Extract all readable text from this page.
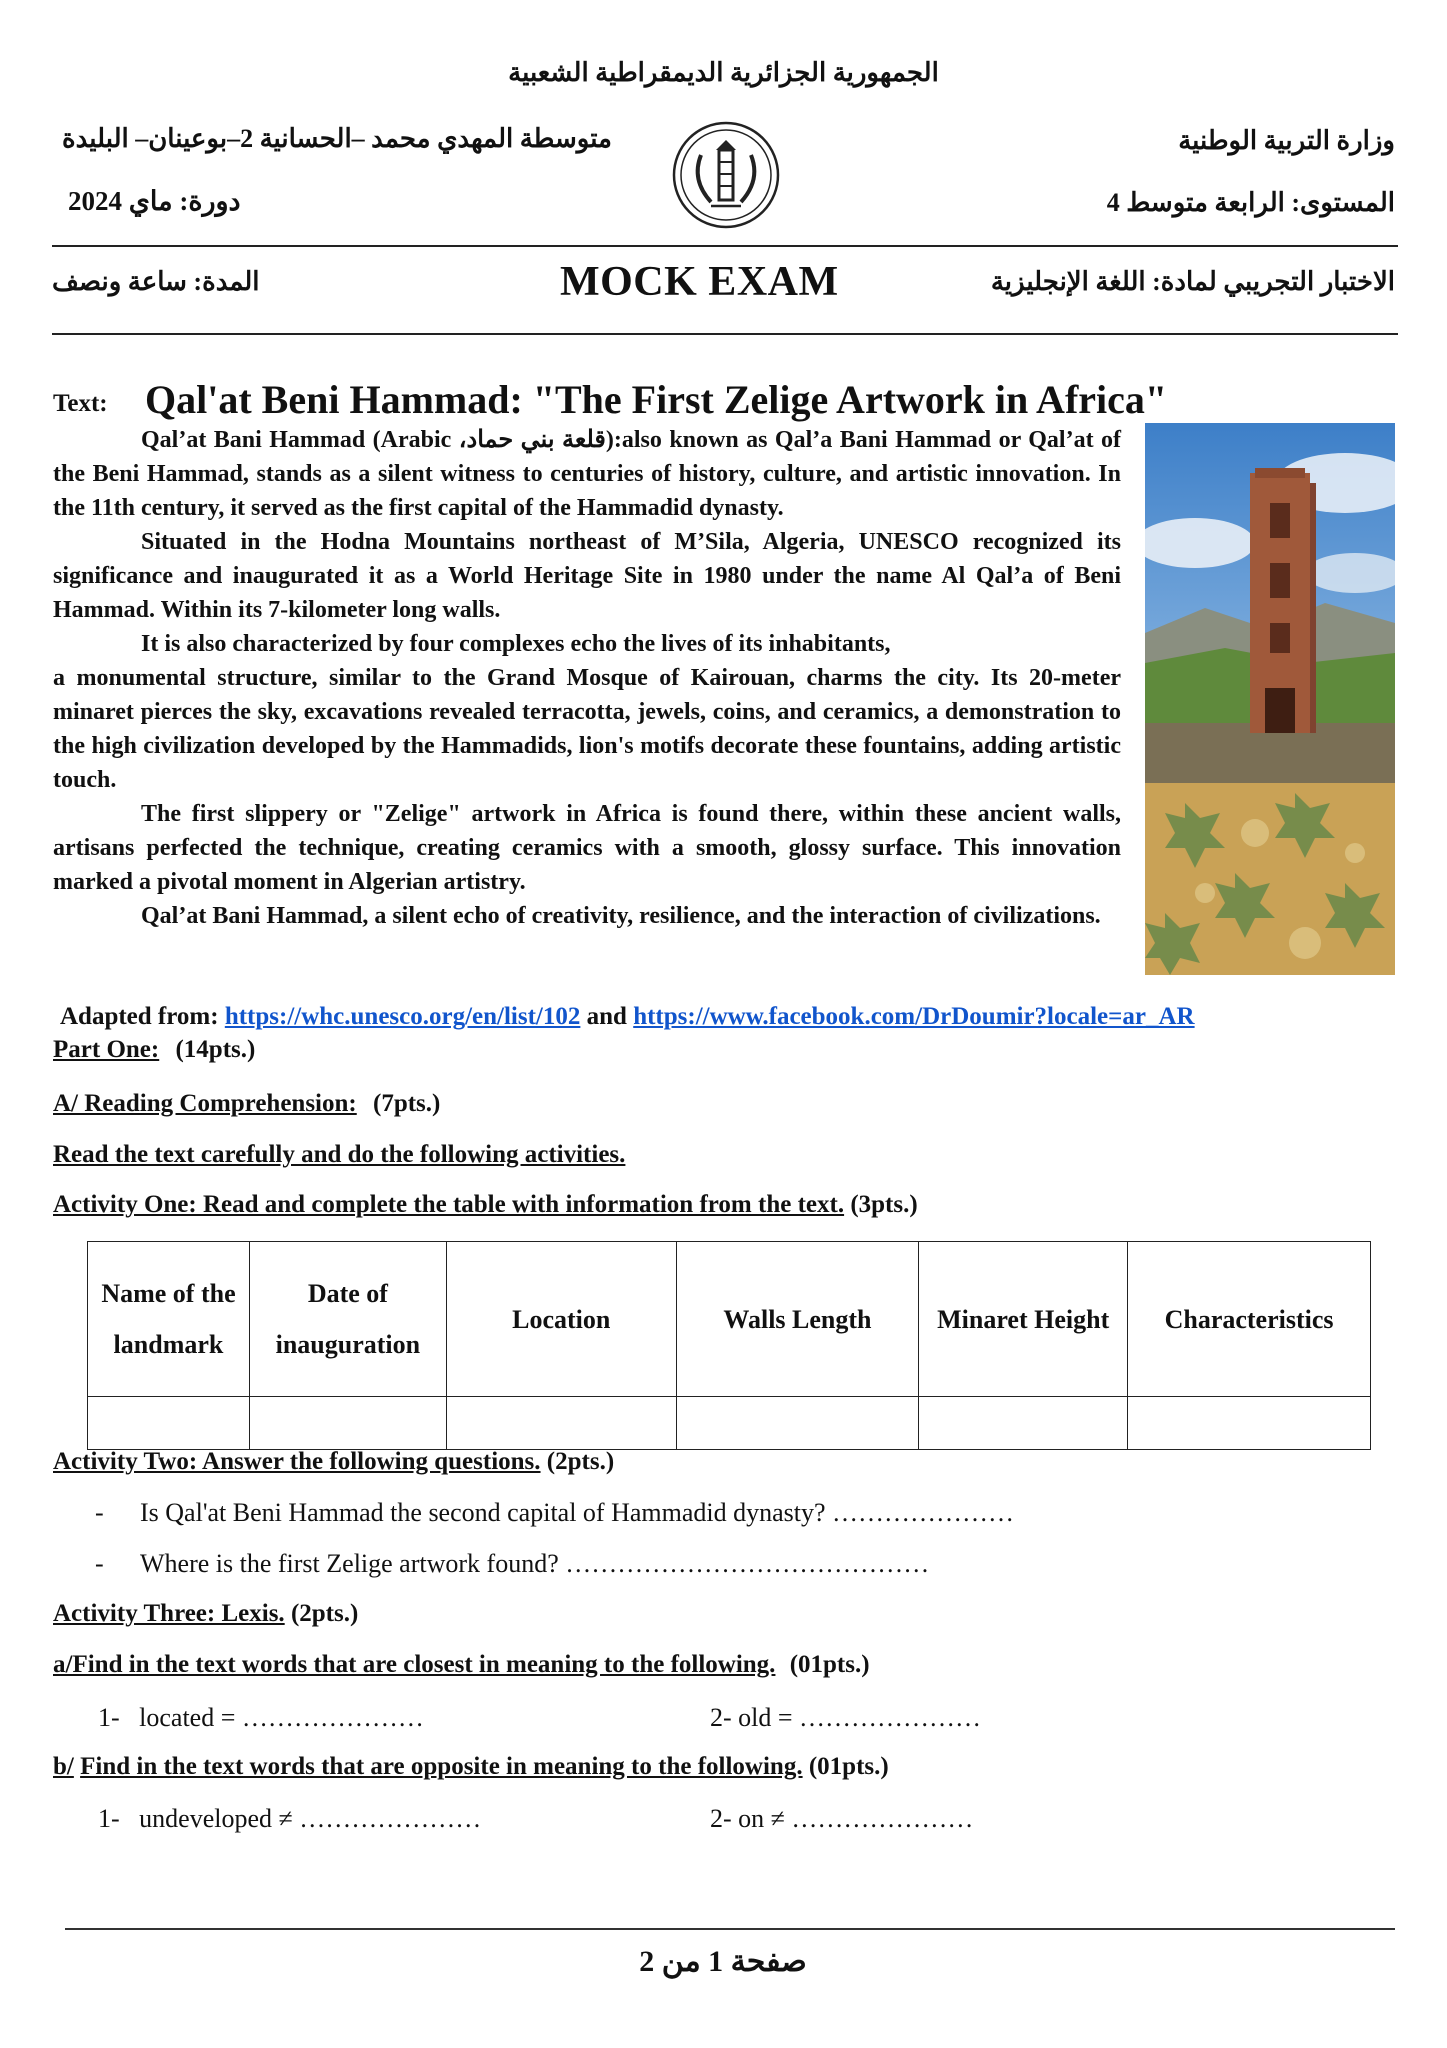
الجمهورية الجزائرية الديمقراطية الشعبية
وزارة التربية الوطنية
متوسطة المهدي محمد –الحسانية 2–بوعينان– البليدة
المستوى: الرابعة متوسط 4
دورة: ماي 2024
الاختبار التجريبي لمادة: اللغة الإنجليزية
MOCK EXAM
المدة: ساعة ونصف
Text: Qal'at Beni Hammad: "The First Zelige Artwork in Africa"

Qal’at Bani Hammad (Arabic ،قلعة بني حماد):also known as Qal’a Bani Hammad or Qal’at of the Beni Hammad, stands as a silent witness to centuries of history, culture, and artistic innovation. In the 11th century, it served as the first capital of the Hammadid dynasty.

Situated in the Hodna Mountains northeast of M’Sila, Algeria, UNESCO recognized its significance and inaugurated it as a World Heritage Site in 1980 under the name Al Qal’a of Beni Hammad. Within its 7-kilometer long walls.

It is also characterized by four complexes echo the lives of its inhabitants,

a monumental structure, similar to the Grand Mosque of Kairouan, charms the city. Its 20-meter minaret pierces the sky, excavations revealed terracotta, jewels, coins, and ceramics, a demonstration to the high civilization developed by the Hammadids, lion's motifs decorate these fountains, adding artistic touch.

The first slippery or "Zelige" artwork in Africa is found there, within these ancient walls, artisans perfected the technique, creating ceramics with a smooth, glossy surface. This innovation marked a pivotal moment in Algerian artistry.

Qal’at Bani Hammad, a silent echo of creativity, resilience, and the interaction of civilizations.

Adapted from: https://whc.unesco.org/en/list/102 and https://www.facebook.com/DrDoumir?locale=ar_AR
Part One: (14pts.)
A/ Reading Comprehension: (7pts.)
Read the text carefully and do the following activities.
Activity One: Read and complete the table with information from the text. (3pts.)
Name of the landmark	Date of inauguration	Location	Walls Length	Minaret Height	Characteristics

Activity Two: Answer the following questions. (2pts.)
- Is Qal'at Beni Hammad the second capital of Hammadid dynasty? …………………
- Where is the first Zelige artwork found? ……………………………………
Activity Three: Lexis. (2pts.)
a/Find in the text words that are closest in meaning to the following. (01pts.)
1-   located = …………………	2- old = …………………
b/ Find in the text words that are opposite in meaning to the following. (01pts.)
1-   undeveloped ≠ …………………	2- on ≠ …………………
صفحة 1 من 2
